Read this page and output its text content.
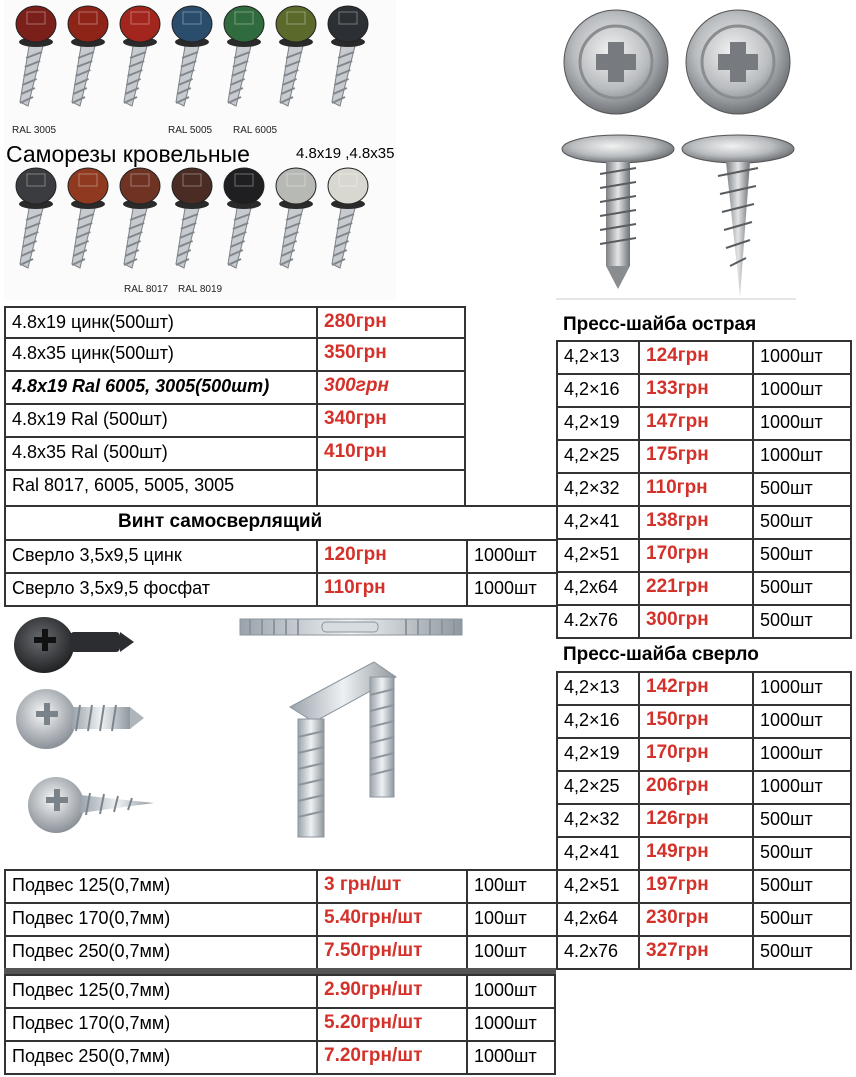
RAL 3005	RAL 5005 RAL 6005
RAL 8017 RAL 8019
Саморезы кровельные	4.8x19 ,4.8x35
4.8x19 цинк(500шт)	280грн
4.8x35 цинк(500шт)	350грн
4.8x19 Ral 6005, 3005(500шт)	300грн
4.8x19 Ral (500шт)	340грн
4.8x35 Ral (500шт)	410грн
Ral 8017, 6005, 5005, 3005
Винт самосверлящий
Сверло 3,5x9,5 цинк	120грн	1000шт
Сверло 3,5x9,5 фосфат	110грн	1000шт
Пресс-шайба острая
4,2×13	124грн	1000шт
4,2×16	133грн	1000шт
4,2×19	147грн	1000шт
4,2×25	175грн	1000шт
4,2×32	110грн	500шт
4,2×41	138грн	500шт
4,2×51	170грн	500шт
4,2x64	221грн	500шт
4.2x76	300грн	500шт
Пресс-шайба сверло
4,2×13	142грн	1000шт
4,2×16	150грн	1000шт
4,2×19	170грн	1000шт
4,2×25	206грн	1000шт
4,2×32	126грн	500шт
4,2×41	149грн	500шт
4,2×51	197грн	500шт
4,2x64	230грн	500шт
4.2x76	327грн	500шт
Подвес 125(0,7мм)	3 грн/шт	100шт
Подвес 170(0,7мм)	5.40грн/шт	100шт
Подвес 250(0,7мм)	7.50грн/шт	100шт
Подвес 125(0,7мм)	2.90грн/шт	1000шт
Подвес 170(0,7мм)	5.20грн/шт	1000шт
Подвес 250(0,7мм)	7.20грн/шт	1000шт
